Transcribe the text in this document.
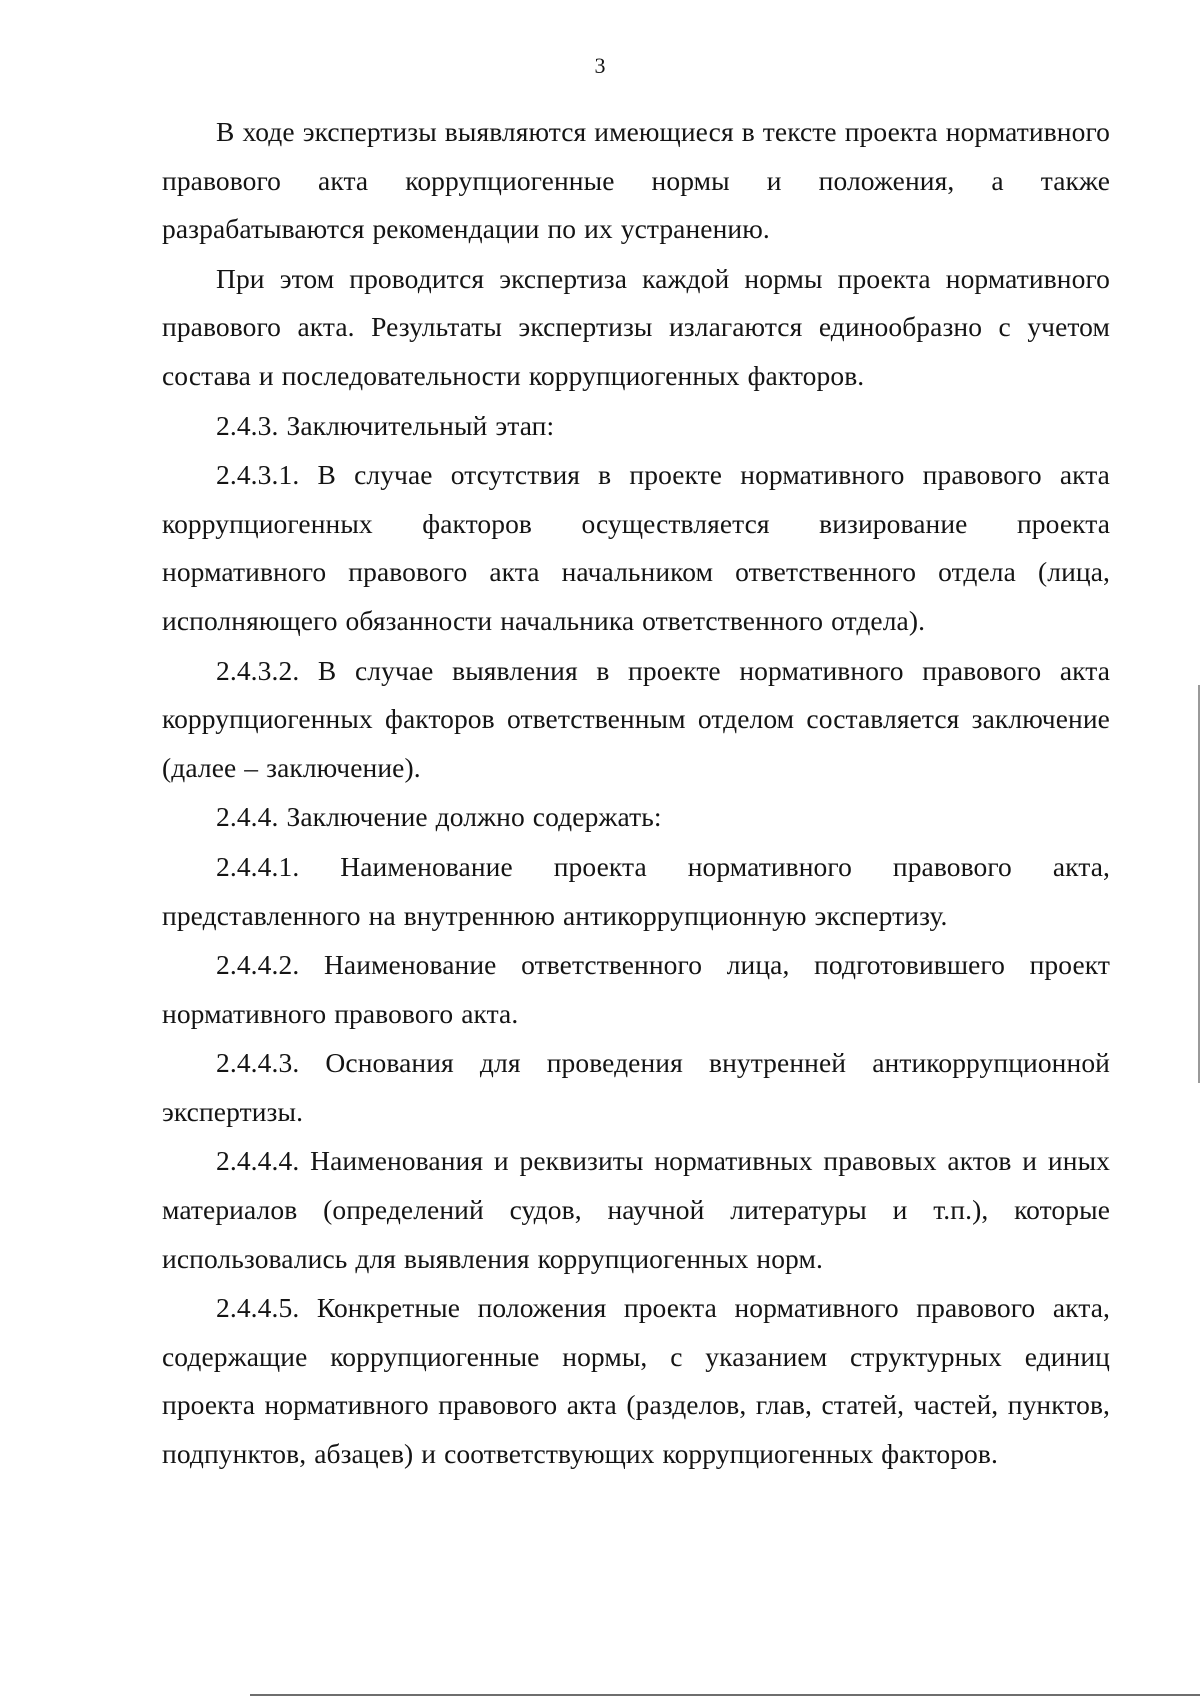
3

В ходе экспертизы выявляются имеющиеся в тексте проекта нормативного правового акта коррупциогенные нормы и положения, а также разрабатываются рекомендации по их устранению.

При этом проводится экспертиза каждой нормы проекта нормативного правового акта. Результаты экспертизы излагаются единообразно с учетом состава и последовательности коррупциогенных факторов.

2.4.3. Заключительный этап:

2.4.3.1. В случае отсутствия в проекте нормативного правового акта коррупциогенных факторов осуществляется визирование проекта нормативного правового акта начальником ответственного отдела (лица, исполняющего обязанности начальника ответственного отдела).

2.4.3.2. В случае выявления в проекте нормативного правового акта коррупциогенных факторов ответственным отделом составляется заключение (далее – заключение).

2.4.4. Заключение должно содержать:

2.4.4.1. Наименование проекта нормативного правового акта, представленного на внутреннюю антикоррупционную экспертизу.

2.4.4.2. Наименование ответственного лица, подготовившего проект нормативного правового акта.

2.4.4.3. Основания для проведения внутренней антикоррупционной экспертизы.

2.4.4.4. Наименования и реквизиты нормативных правовых актов и иных материалов (определений судов, научной литературы и т.п.), которые использовались для выявления коррупциогенных норм.

2.4.4.5. Конкретные положения проекта нормативного правового акта, содержащие коррупциогенные нормы, с указанием структурных единиц проекта нормативного правового акта (разделов, глав, статей, частей, пунктов, подпунктов, абзацев) и соответствующих коррупциогенных факторов.
